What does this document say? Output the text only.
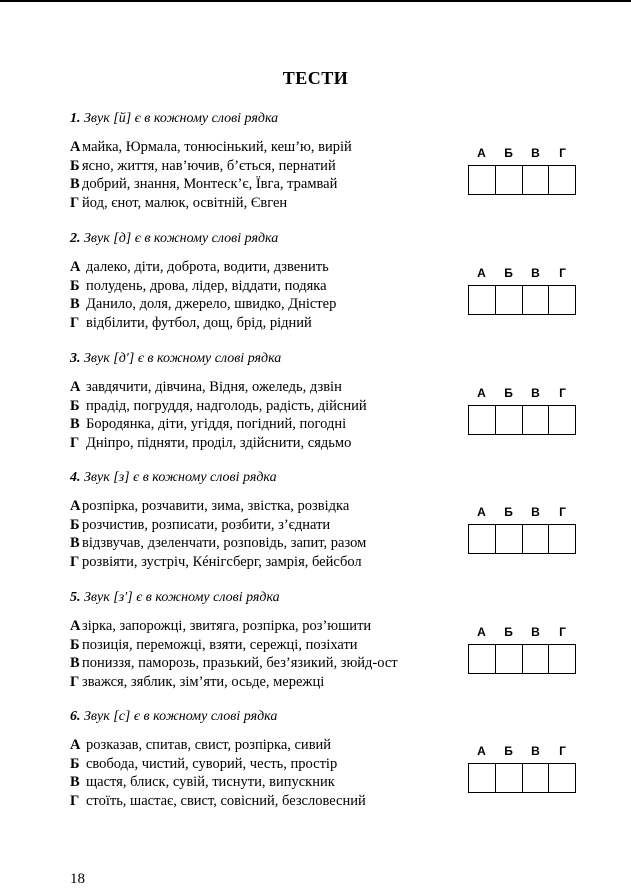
ТЕСТИ
1. Звук [й] є в кожному слові рядка
А майка, Юрмала, тонюсінький, кеш’ю, вирій
Б ясно, життя, нав’ючив, б’ється, пернатий
В добрий, знання, Монтеск’є, Ївга, трамвай
Г йод, єнот, малюк, освітній, Євген
А	Б	В	Г
2. Звук [д] є в кожному слові рядка
А далеко, діти, доброта, водити, дзвенить
Б полудень, дрова, лідер, віддати, подяка
В Данило, доля, джерело, швидко, Дністер
Г відбілити, футбол, дощ, брід, рідний
А	Б	В	Г
3. Звук [д′] є в кожному слові рядка
А завдячити, дівчина, Відня, ожеледь, дзвін
Б прадід, погруддя, надголодь, радість, дійсний
В Бородянка, діти, угіддя, погідний, погодні
Г Дніпро, підняти, проділ, здійснити, сядьмо
А	Б	В	Г
4. Звук [з] є в кожному слові рядка
А розпірка, розчавити, зима, звістка, розвідка
Б розчистив, розписати, розбити, з’єднати
В відзвучав, дзеленчати, розповідь, запит, разом
Г розвіяти, зустріч, Кéнігсберг, замрія, бейсбол
А	Б	В	Г
5. Звук [з′] є в кожному слові рядка
А зірка, запорожці, звитяга, розпірка, роз’юшити
Б позиція, переможці, взяти, сережці, позіхати
В пониззя, паморозь, празький, без’язикий, зюйд-ост
Г зважся, зяблик, зім’яти, осьде, мережці
А	Б	В	Г
6. Звук [с] є в кожному слові рядка
А розказав, спитав, свист, розпірка, сивий
Б свобода, чистий, суворий, честь, простір
В щастя, блиск, сувій, тиснути, випускник
Г стоїть, шастає, свист, совісний, безсловесний
А	Б	В	Г
18
